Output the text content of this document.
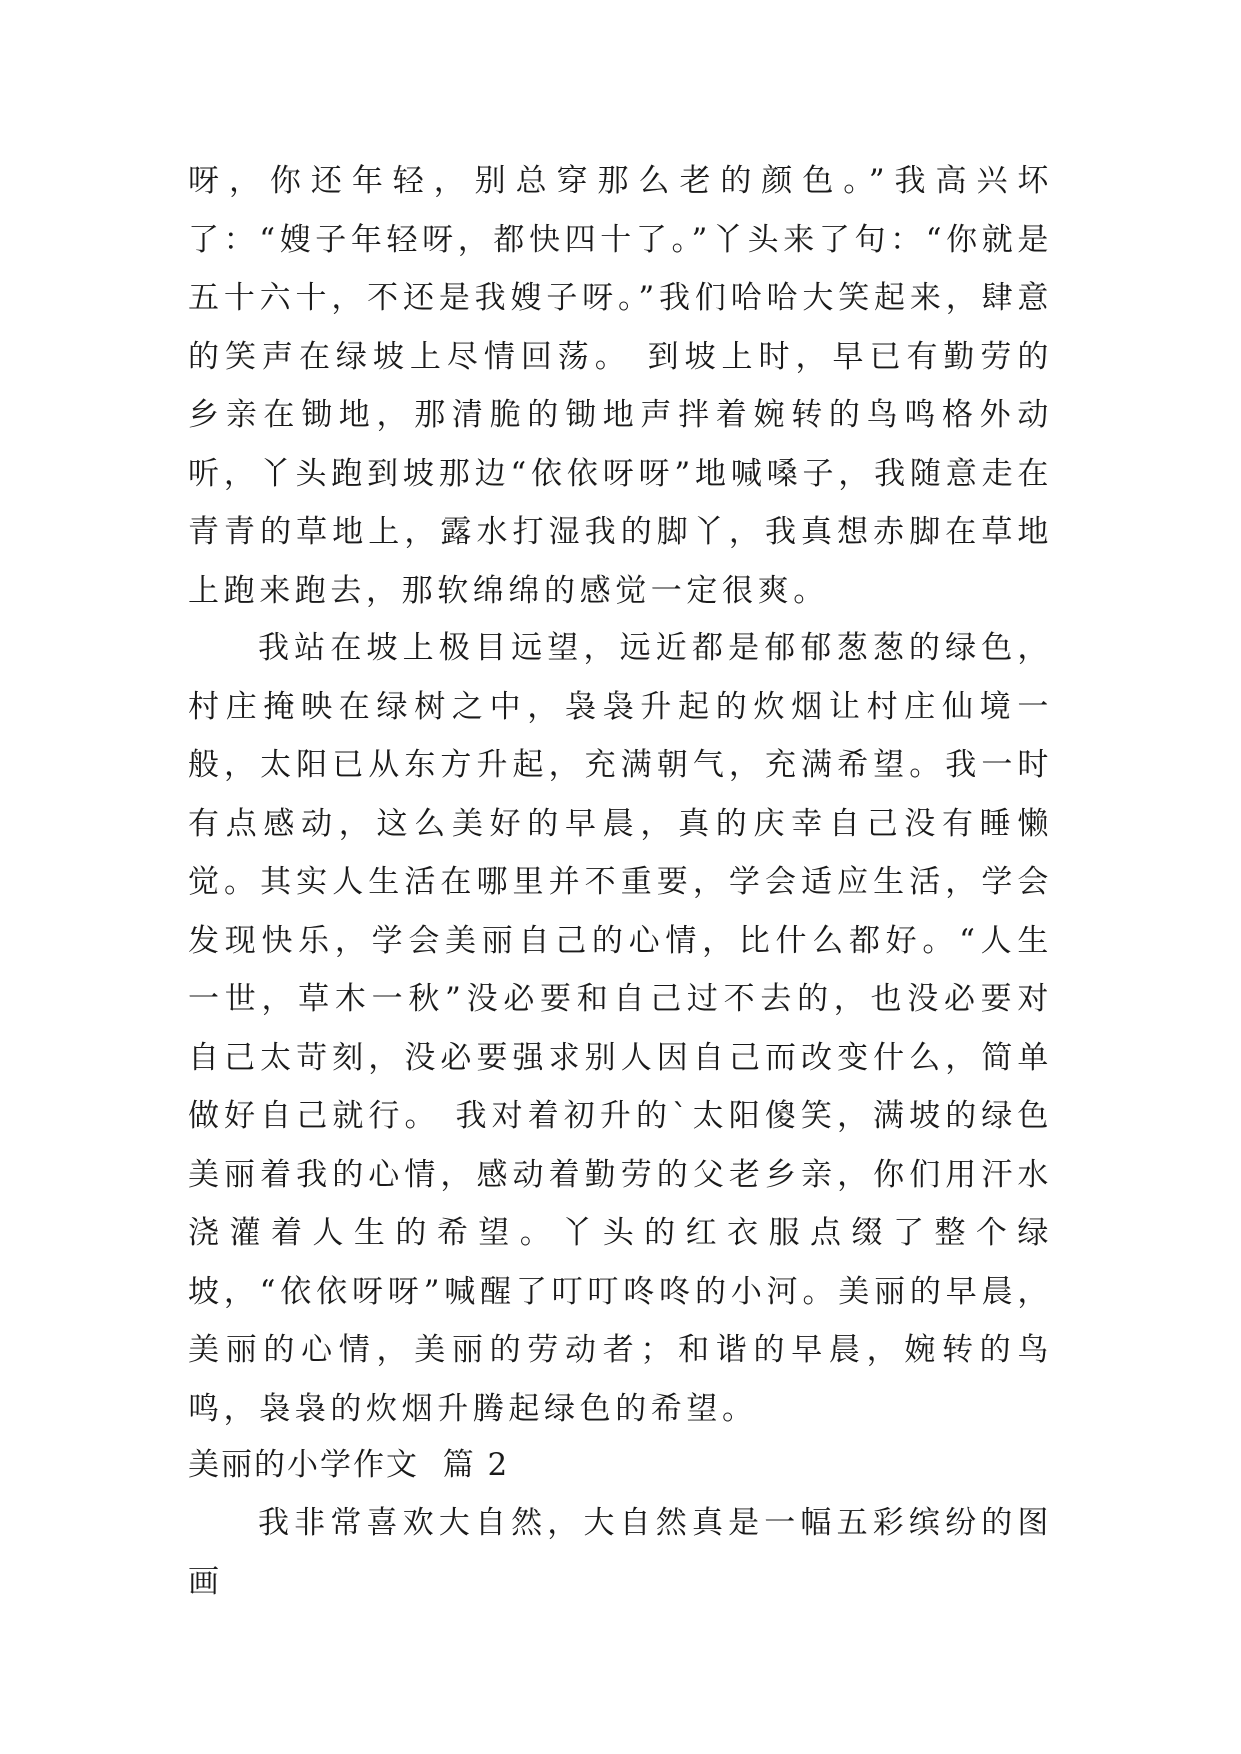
呀，你还年轻，别总穿那么老的颜色。”我高兴坏了：“嫂子年轻呀，都快四十了。”丫头来了句：“你就是五十六十，不还是我嫂子呀。”我们哈哈大笑起来，肆意的笑声在绿坡上尽情回荡。 到坡上时，早已有勤劳的乡亲在锄地，那清脆的锄地声拌着婉转的鸟鸣格外动听，丫头跑到坡那边“依依呀呀”地喊嗓子，我随意走在青青的草地上，露水打湿我的脚丫，我真想赤脚在草地上跑来跑去，那软绵绵的感觉一定很爽。
我站在坡上极目远望，远近都是郁郁葱葱的绿色，村庄掩映在绿树之中，袅袅升起的炊烟让村庄仙境一般，太阳已从东方升起，充满朝气，充满希望。我一时有点感动，这么美好的早晨，真的庆幸自己没有睡懒觉。其实人生活在哪里并不重要，学会适应生活，学会发现快乐，学会美丽自己的心情，比什么都好。“人生一世，草木一秋”没必要和自己过不去的，也没必要对自己太苛刻，没必要强求别人因自己而改变什么，简单做好自己就行。 我对着初升的`太阳傻笑，满坡的绿色美丽着我的心情，感动着勤劳的父老乡亲，你们用汗水浇灌着人生的希望。丫头的红衣服点缀了整个绿坡，“依依呀呀”喊醒了叮叮咚咚的小河。美丽的早晨，美丽的心情，美丽的劳动者；和谐的早晨，婉转的鸟鸣，袅袅的炊烟升腾起绿色的希望。
美丽的小学作文  篇 2
我非常喜欢大自然，大自然真是一幅五彩缤纷的图画
